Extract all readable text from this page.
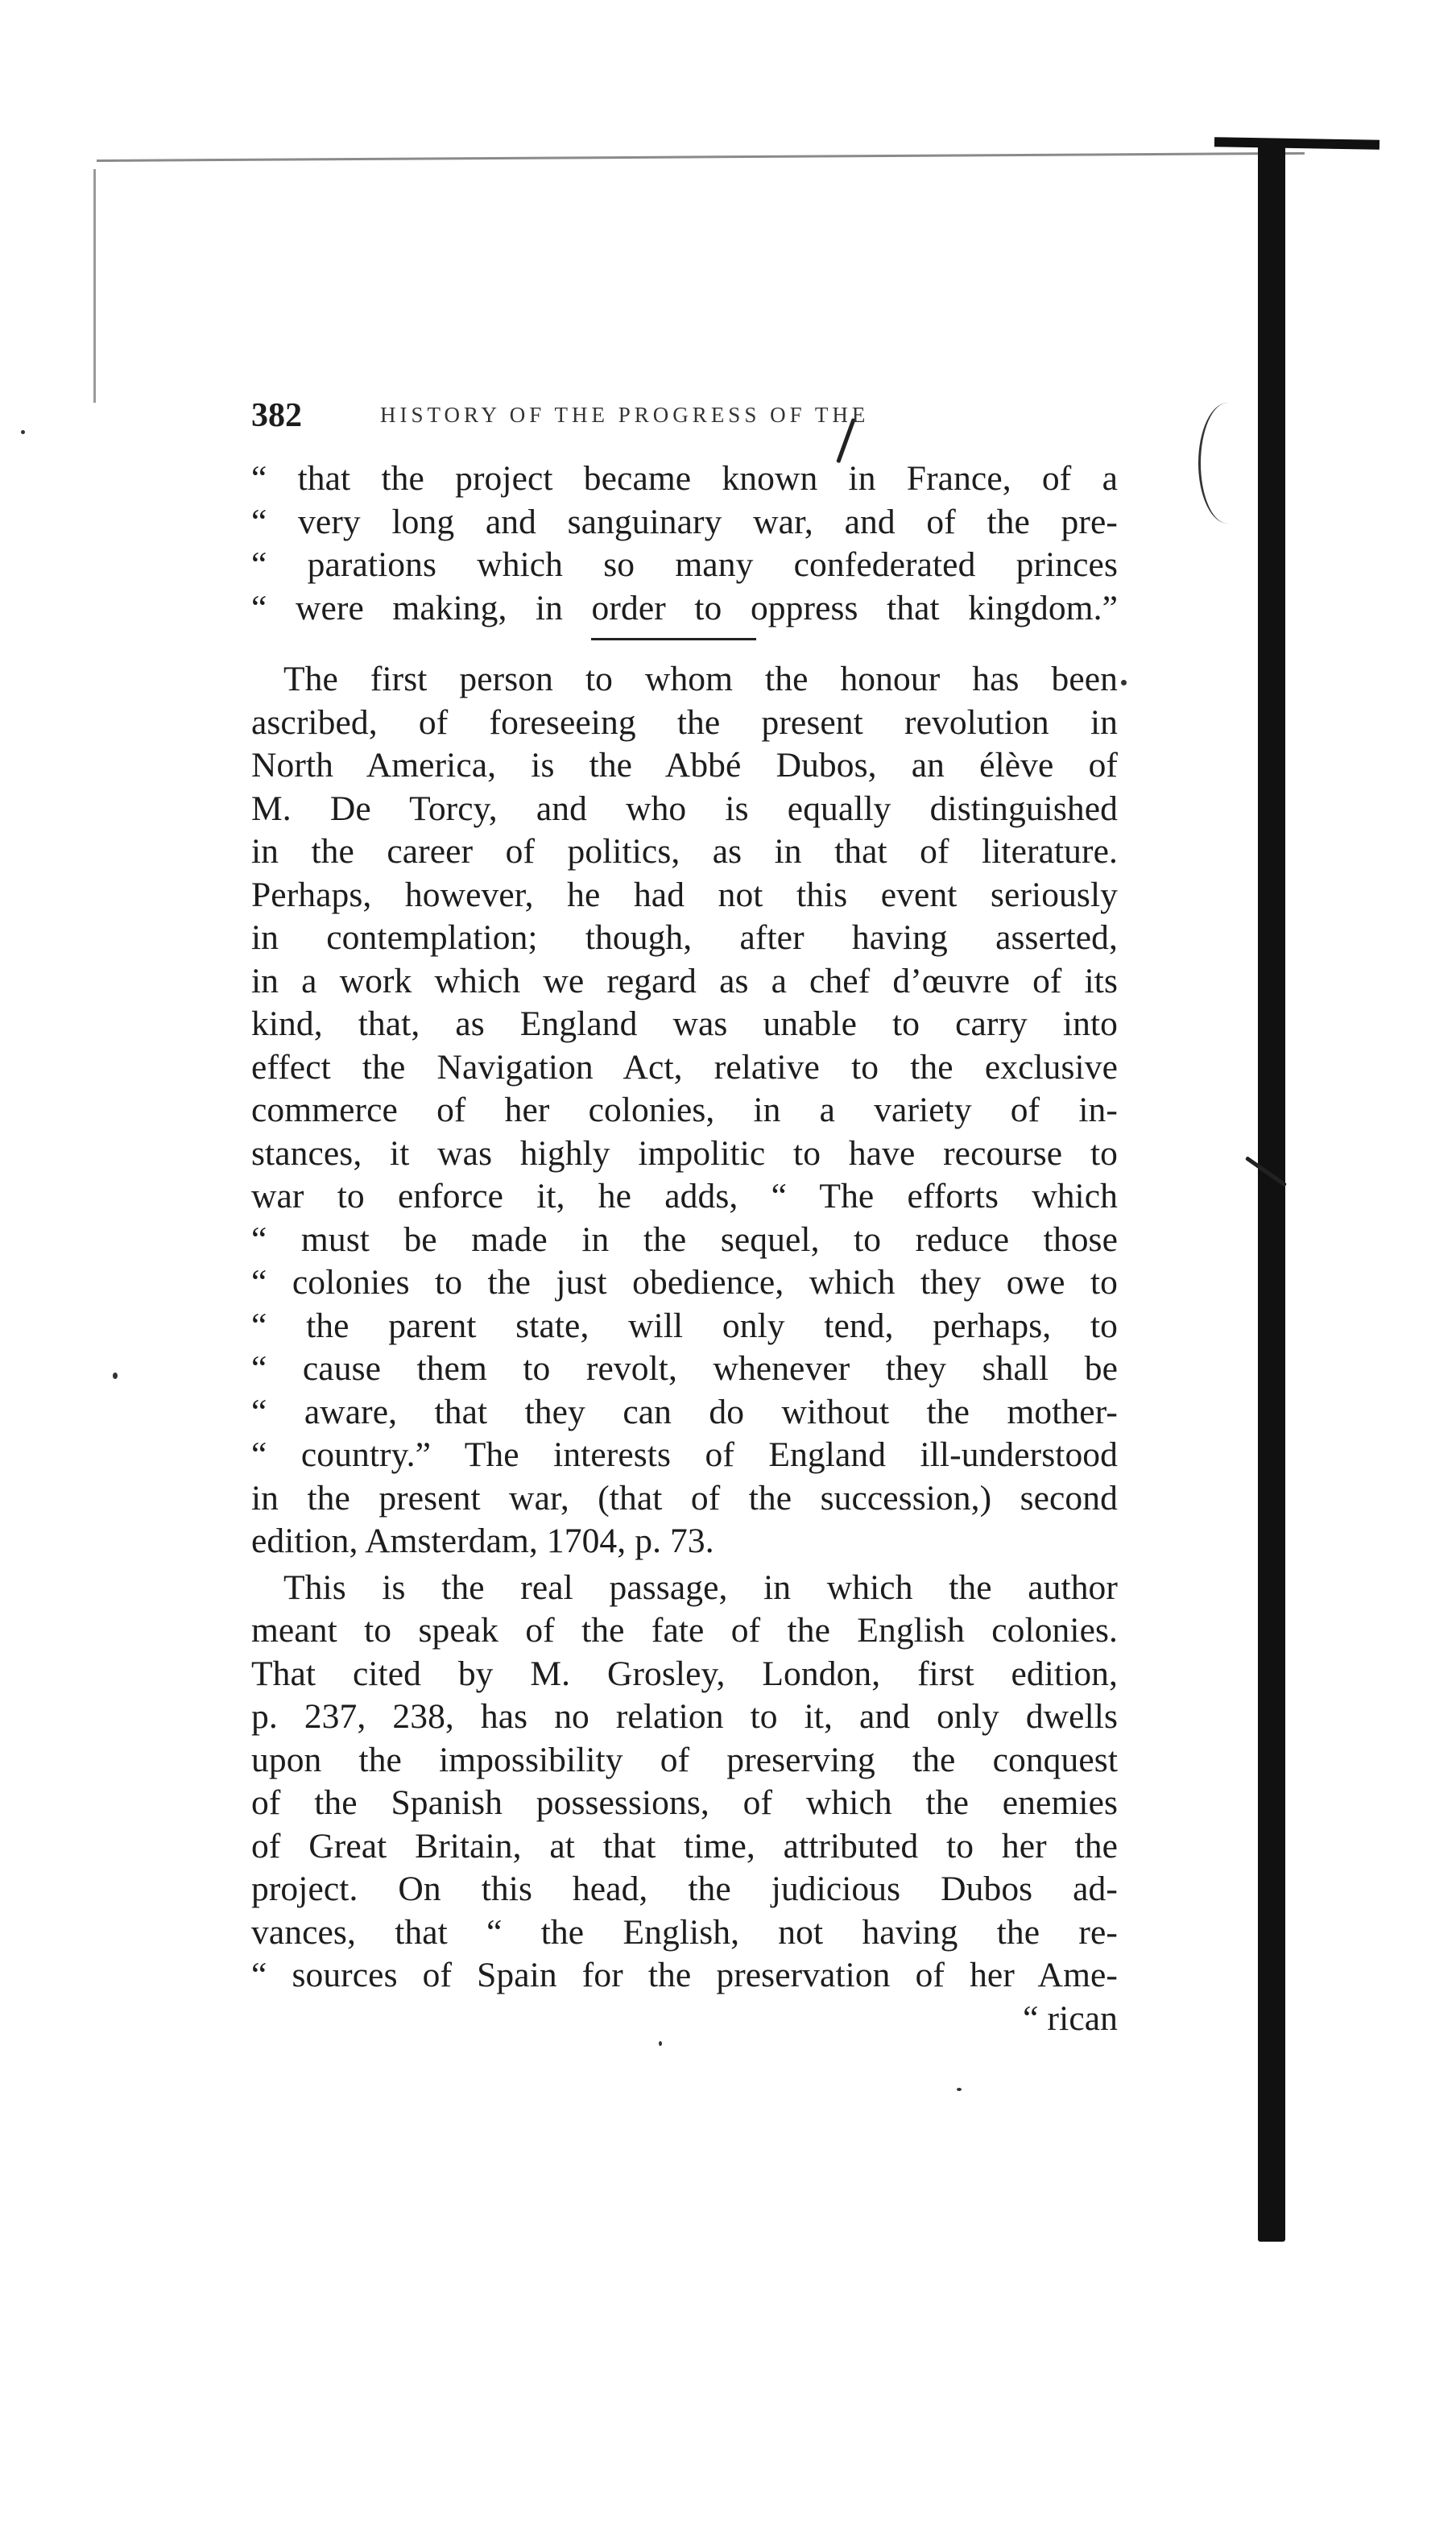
382	HISTORY OF THE PROGRESS OF THE
“ that the project became known in France, of a
“ very long and sanguinary war, and of the pre-
“ parations which so many confederated princes
“ were making, in order to oppress that kingdom.”
The first person to whom the honour has been
ascribed, of foreseeing the present revolution in
North America, is the Abbé Dubos, an élève of
M. De Torcy, and who is equally distinguished
in the career of politics, as in that of literature.
Perhaps, however, he had not this event seriously
in contemplation; though, after having asserted,
in a work which we regard as a chef d’œuvre of its
kind, that, as England was unable to carry into
effect the Navigation Act, relative to the exclusive
commerce of her colonies, in a variety of in-
stances, it was highly impolitic to have recourse to
war to enforce it, he adds, “ The efforts which
“ must be made in the sequel, to reduce those
“ colonies to the just obedience, which they owe to
“ the parent state, will only tend, perhaps, to
“ cause them to revolt, whenever they shall be
“ aware, that they can do without the mother-
“ country.” The interests of England ill-understood
in the present war, (that of the succession,) second
edition, Amsterdam, 1704, p. 73.
This is the real passage, in which the author
meant to speak of the fate of the English colonies.
That cited by M. Grosley, London, first edition,
p. 237, 238, has no relation to it, and only dwells
upon the impossibility of preserving the conquest
of the Spanish possessions, of which the enemies
of Great Britain, at that time, attributed to her the
project. On this head, the judicious Dubos ad-
vances, that “ the English, not having the re-
“ sources of Spain for the preservation of her Ame-
“ rican
